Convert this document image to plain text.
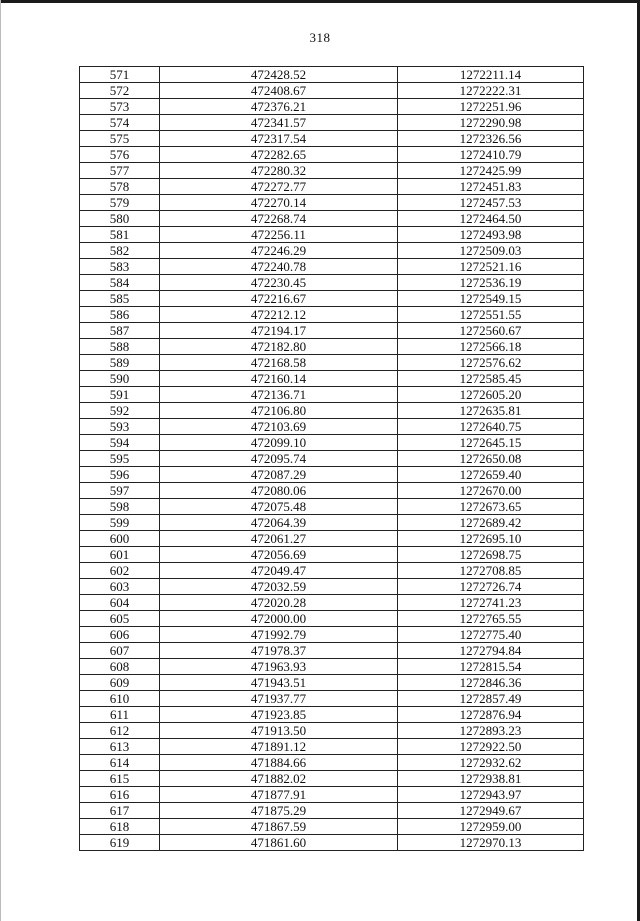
318
571	472428.52	1272211.14
572	472408.67	1272222.31
573	472376.21	1272251.96
574	472341.57	1272290.98
575	472317.54	1272326.56
576	472282.65	1272410.79
577	472280.32	1272425.99
578	472272.77	1272451.83
579	472270.14	1272457.53
580	472268.74	1272464.50
581	472256.11	1272493.98
582	472246.29	1272509.03
583	472240.78	1272521.16
584	472230.45	1272536.19
585	472216.67	1272549.15
586	472212.12	1272551.55
587	472194.17	1272560.67
588	472182.80	1272566.18
589	472168.58	1272576.62
590	472160.14	1272585.45
591	472136.71	1272605.20
592	472106.80	1272635.81
593	472103.69	1272640.75
594	472099.10	1272645.15
595	472095.74	1272650.08
596	472087.29	1272659.40
597	472080.06	1272670.00
598	472075.48	1272673.65
599	472064.39	1272689.42
600	472061.27	1272695.10
601	472056.69	1272698.75
602	472049.47	1272708.85
603	472032.59	1272726.74
604	472020.28	1272741.23
605	472000.00	1272765.55
606	471992.79	1272775.40
607	471978.37	1272794.84
608	471963.93	1272815.54
609	471943.51	1272846.36
610	471937.77	1272857.49
611	471923.85	1272876.94
612	471913.50	1272893.23
613	471891.12	1272922.50
614	471884.66	1272932.62
615	471882.02	1272938.81
616	471877.91	1272943.97
617	471875.29	1272949.67
618	471867.59	1272959.00
619	471861.60	1272970.13
